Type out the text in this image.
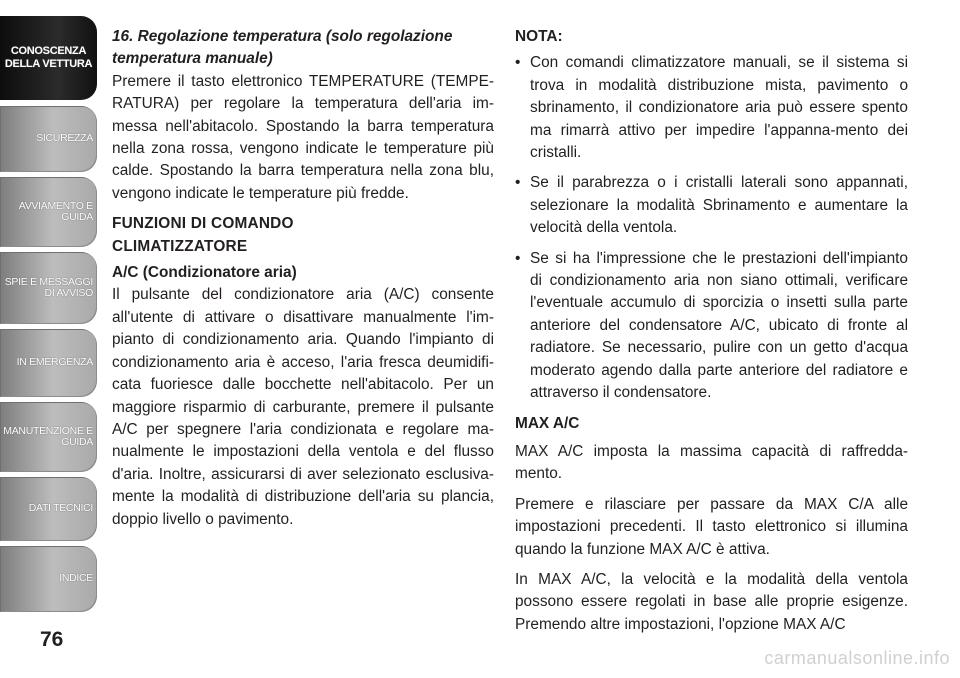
CONOSCENZA DELLA VETTURA
SICUREZZA
AVVIAMENTO E GUIDA
SPIE E MESSAGGI DI AVVISO
IN EMERGENZA
MANUTENZIONE E GUIDA
DATI TECNICI
INDICE
76

16. Regolazione temperatura (solo regolazione

temperatura manuale)

Premere il tasto elettronico TEMPERATURE (TEMPE-RATURA) per regolare la temperatura dell'aria im-messa nell'abitacolo. Spostando la barra temperatura nella zona rossa, vengono indicate le temperature più calde. Spostando la barra temperatura nella zona blu, vengono indicate le temperature più fredde.

FUNZIONI DI COMANDO
CLIMATIZZATORE

A/C (Condizionatore aria)

Il pulsante del condizionatore aria (A/C) consente all'utente di attivare o disattivare manualmente l'im-pianto di condizionamento aria. Quando l'impianto di condizionamento aria è acceso, l'aria fresca deumidifi-cata fuoriesce dalle bocchette nell'abitacolo. Per un maggiore risparmio di carburante, premere il pulsante A/C per spegnere l'aria condizionata e regolare ma-nualmente le impostazioni della ventola e del flusso d'aria. Inoltre, assicurarsi di aver selezionato esclusiva-mente la modalità di distribuzione dell'aria su plancia, doppio livello o pavimento.

NOTA:

• Con comandi climatizzatore manuali, se il sistema si trova in modalità distribuzione mista, pavimento o sbrinamento, il condizionatore aria può essere spento ma rimarrà attivo per impedire l'appanna-mento dei cristalli.
• Se il parabrezza o i cristalli laterali sono appannati, selezionare la modalità Sbrinamento e aumentare la velocità della ventola.
• Se si ha l'impressione che le prestazioni dell'impianto di condizionamento aria non siano ottimali, verificare l'eventuale accumulo di sporcizia o insetti sulla parte anteriore del condensatore A/C, ubicato di fronte al radiatore. Se necessario, pulire con un getto d'acqua moderato agendo dalla parte anteriore del radiatore e attraverso il condensatore.

MAX A/C

MAX A/C imposta la massima capacità di raffredda-mento.

Premere e rilasciare per passare da MAX C/A alle impostazioni precedenti. Il tasto elettronico si illumina quando la funzione MAX A/C è attiva.

In MAX A/C, la velocità e la modalità della ventola possono essere regolati in base alle proprie esigenze. Premendo altre impostazioni, l'opzione MAX A/C

carmanualsonline.info
